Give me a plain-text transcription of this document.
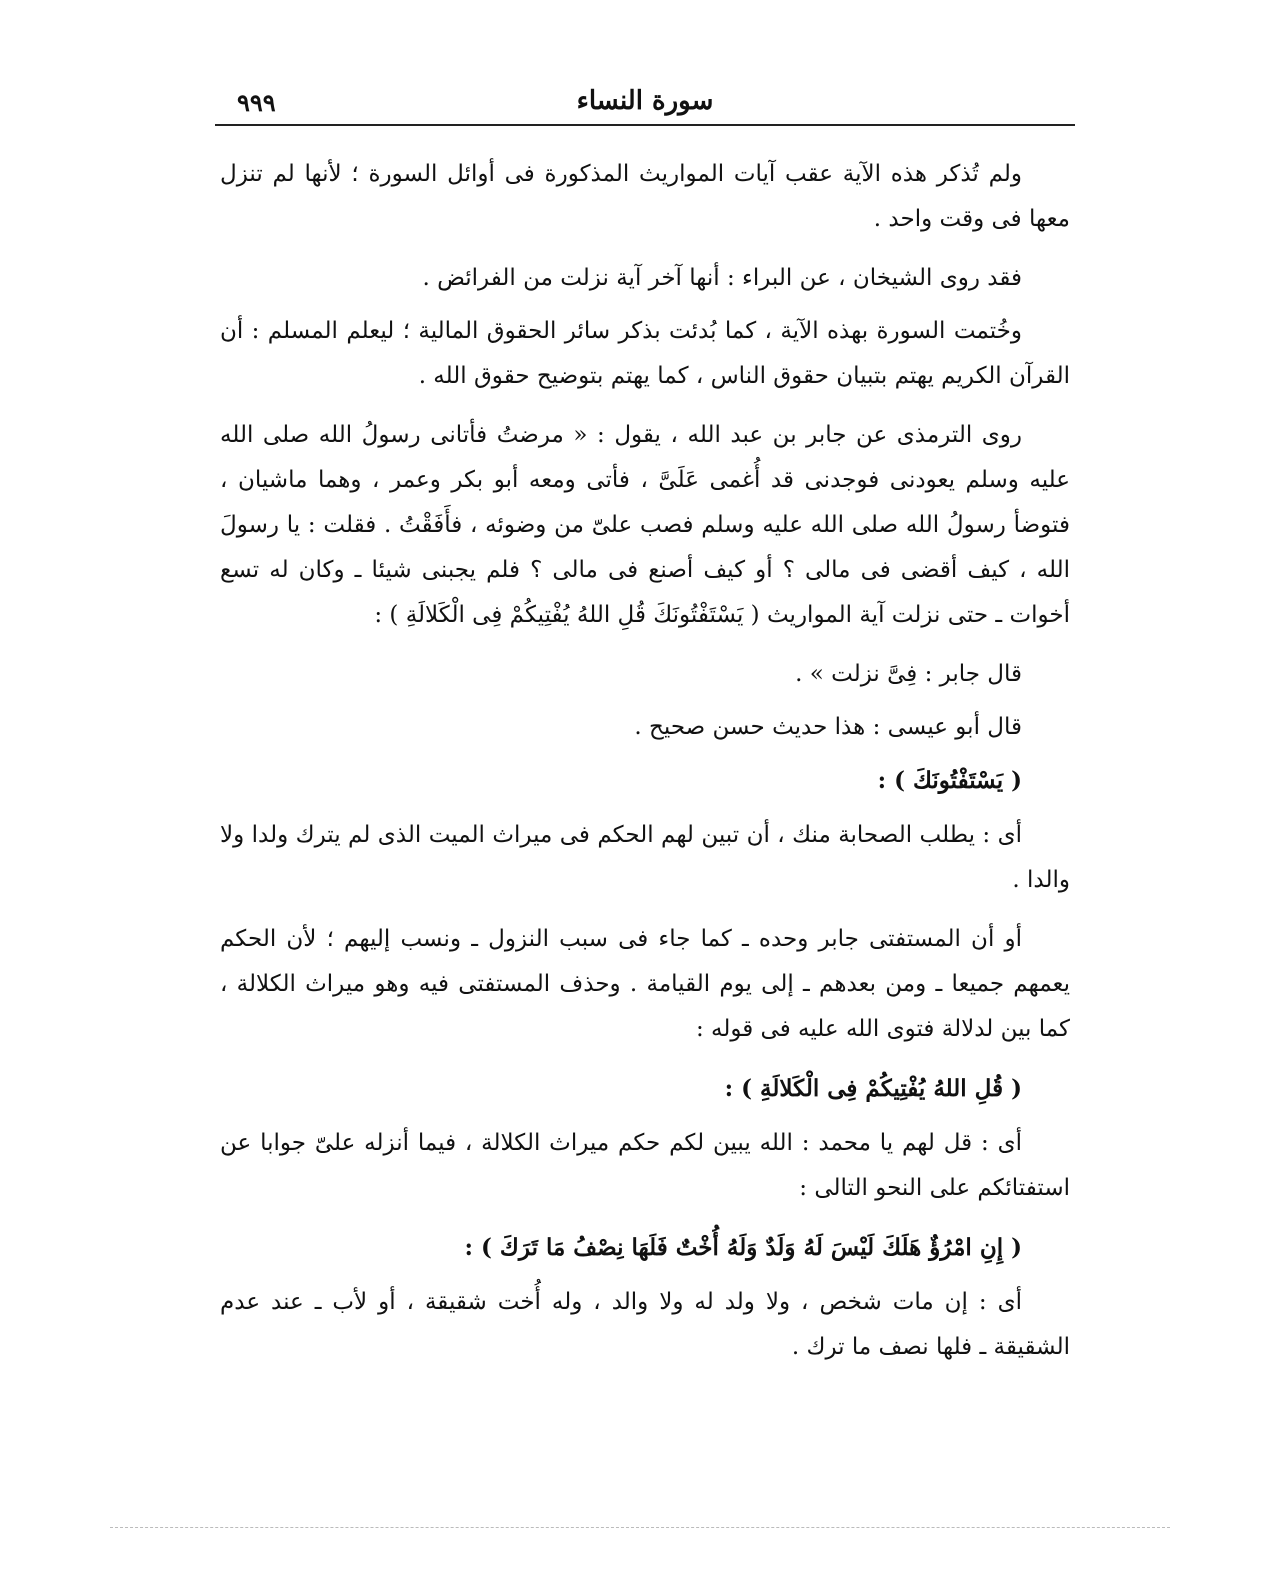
٩٩٩	سورة النساء

ولم تُذكر هذه الآية عقب آيات المواريث المذكورة فى أوائل السورة ؛ لأنها لم تنزل معها فى وقت واحد .

فقد روى الشيخان ، عن البراء : أنها آخر آية نزلت من الفرائض .

وخُتمت السورة بهذه الآية ، كما بُدئت بذكر سائر الحقوق المالية ؛ ليعلم المسلم : أن القرآن الكريم يهتم بتبيان حقوق الناس ، كما يهتم بتوضيح حقوق الله .

روى الترمذى عن جابر بن عبد الله ، يقول : « مرضتُ فأتانى رسولُ الله صلى الله عليه وسلم يعودنى فوجدنى قد أُغمى عَلَىَّ ، فأتى ومعه أبو بكر وعمر ، وهما ماشيان ، فتوضأ رسولُ الله صلى الله عليه وسلم فصب علىّ من وضوئه ، فأَفَقْتُ . فقلت : يا رسولَ الله ، كيف أقضى فى مالى ؟ أو كيف أصنع فى مالى ؟ فلم يجبنى شيئا ـ وكان له تسع أخوات ـ حتى نزلت آية المواريث ( يَسْتَفْتُونَكَ قُلِ اللهُ يُفْتِيكُمْ فِى الْكَلالَةِ ) :

قال جابر : فِىَّ نزلت » .

قال أبو عيسى : هذا حديث حسن صحيح .

( يَسْتَفْتُونَكَ ) :

أى : يطلب الصحابة منك ، أن تبين لهم الحكم فى ميراث الميت الذى لم يترك ولدا ولا والدا .

أو أن المستفتى جابر وحده ـ كما جاء فى سبب النزول ـ ونسب إليهم ؛ لأن الحكم يعمهم جميعا ـ ومن بعدهم ـ إلى يوم القيامة . وحذف المستفتى فيه وهو ميراث الكلالة ، كما بين لدلالة فتوى الله عليه فى قوله :

( قُلِ اللهُ يُفْتِيكُمْ فِى الْكَلالَةِ ) :

أى : قل لهم يا محمد : الله يبين لكم حكم ميراث الكلالة ، فيما أنزله علىّ جوابا عن استفتائكم على النحو التالى :

( إِنِ امْرُؤٌ هَلَكَ لَيْسَ لَهُ وَلَدٌ وَلَهُ أُخْتٌ فَلَهَا نِصْفُ مَا تَرَكَ ) :

أى : إن مات شخص ، ولا ولد له ولا والد ، وله أُخت شقيقة ، أو لأب ـ عند عدم الشقيقة ـ فلها نصف ما ترك .
